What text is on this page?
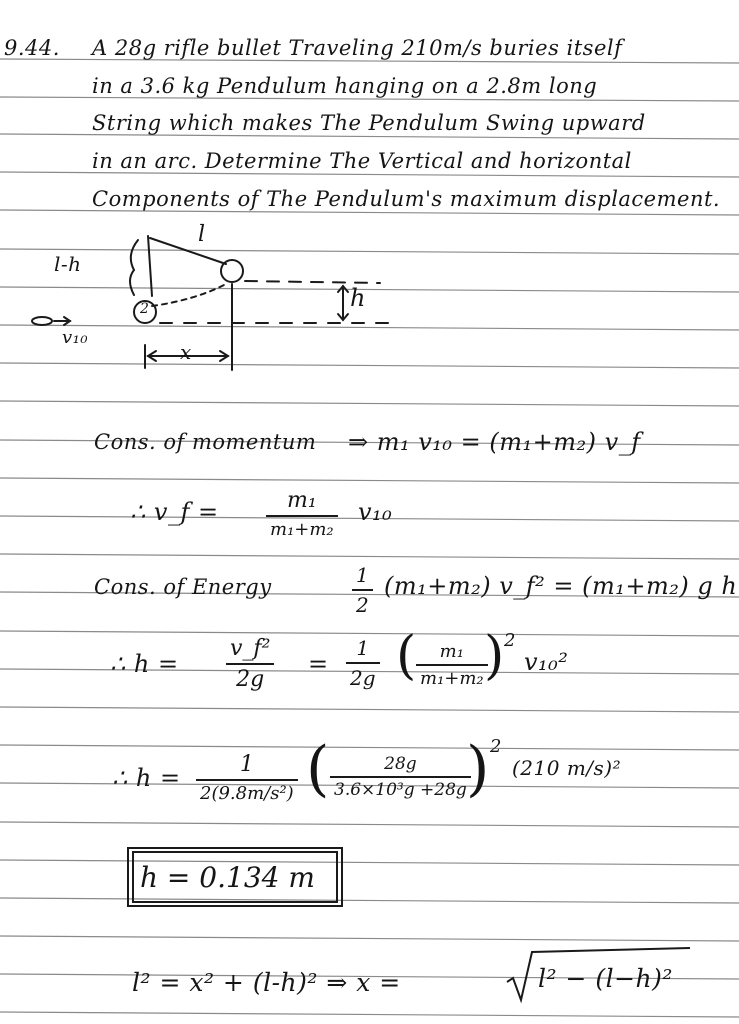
9.44. A 28g rifle bullet Traveling 210m/s buries itself
in a 3.6 kg Pendulum hanging on a 2.8m long
String which makes The Pendulum Swing upward
in an arc. Determine The Vertical and horizontal
Components of The Pendulum's maximum displacement.
l
l-h
h
x
v₁₀
2
Cons. of momentum ⇒ m₁ v₁₀ = (m₁+m₂) v_f
∴ v_f =	m₁
m₁+m₂
v₁₀
Cons. of Energy	1
2
(m₁+m₂) v_f² = (m₁+m₂) g h
∴ h =
v_f²
2g
=
1
2g ( m₁
m₁+m₂ ) 2
v₁₀²
∴ h =	1
2(9.8m/s²) (	28g
3.6×10³g +28g ) 2
(210 m/s)²
h = 0.134 m
l² = x² + (l-h)² ⇒ x =	l² − (l−h)²
